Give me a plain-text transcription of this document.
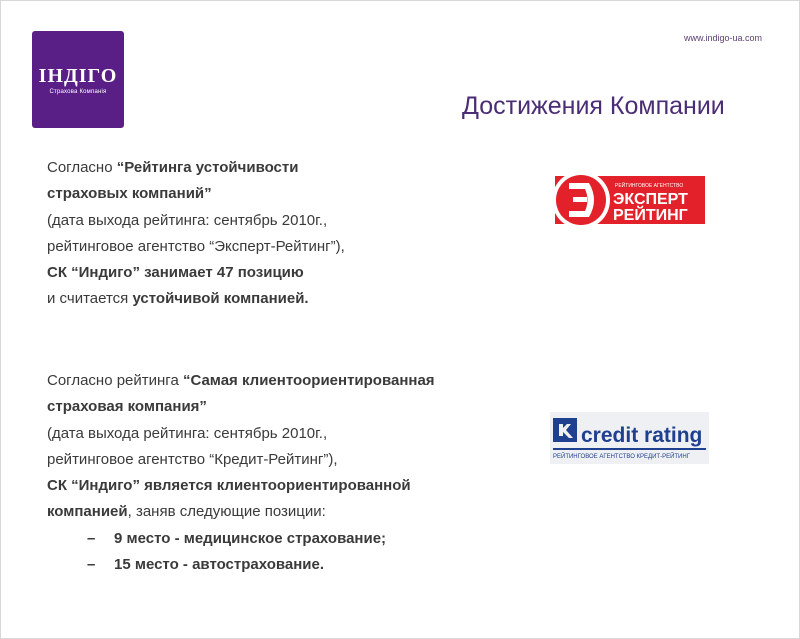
ІНДІГО
Страхова Компанія
www.indigo-ua.com
Достижения Компании
Согласно “Рейтинга устойчивости
страховых компаний”
(дата выхода рейтинга: сентябрь 2010г.,
рейтинговое агентство “Эксперт-Рейтинг”),
СК “Индиго” занимает 47 позицию
и считается устойчивой компанией.
Согласно рейтинга “Самая клиентоориентированная
страховая компания”
(дата выхода рейтинга: сентябрь 2010г.,
рейтинговое агентство “Кредит-Рейтинг”),
СК “Индиго” является клиентоориентированной
компанией, заняв следующие позиции:
– 9 место - медицинское страхование;
– 15 место - автострахование.
РЕЙТИНГОВОЕ АГЕНТСТВО
ЭКСПЕРТ
РЕЙТИНГ
credit rating
РЕЙТИНГОВОЕ АГЕНТСТВО КРЕДИТ-РЕЙТИНГ
